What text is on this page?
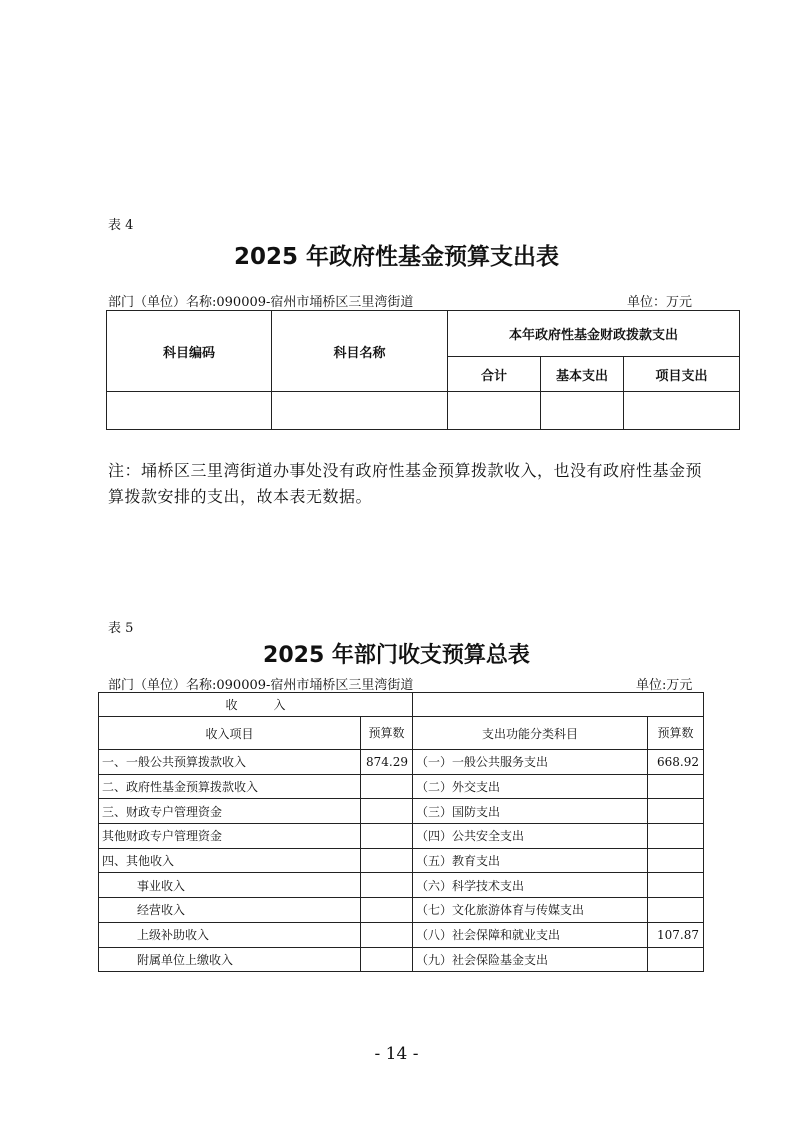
表 4
2025 年政府性基金预算支出表
部门（单位）名称:090009-宿州市埇桥区三里湾街道	单位：万元
科目编码	科目名称	本年政府性基金财政拨款支出		
		合计	基本支出	项目支出

注：埇桥区三里湾街道办事处没有政府性基金预算拨款收入，也没有政府性基金预算拨款安排的支出，故本表无数据。
表 5
2025 年部门收支预算总表
部门（单位）名称:090009-宿州市埇桥区三里湾街道	单位:万元
收　　　入			
收入项目	预算数	支出功能分类科目	预算数
一、一般公共预算拨款收入	874.29	（一）一般公共服务支出	668.92
二、政府性基金预算拨款收入		（二）外交支出	
三、财政专户管理资金		（三）国防支出	
其他财政专户管理资金		（四）公共安全支出	
四、其他收入		（五）教育支出	
事业收入		（六）科学技术支出	
经营收入		（七）文化旅游体育与传媒支出	
上级补助收入		（八）社会保障和就业支出	107.87
附属单位上缴收入		（九）社会保险基金支出	
- 14 -
